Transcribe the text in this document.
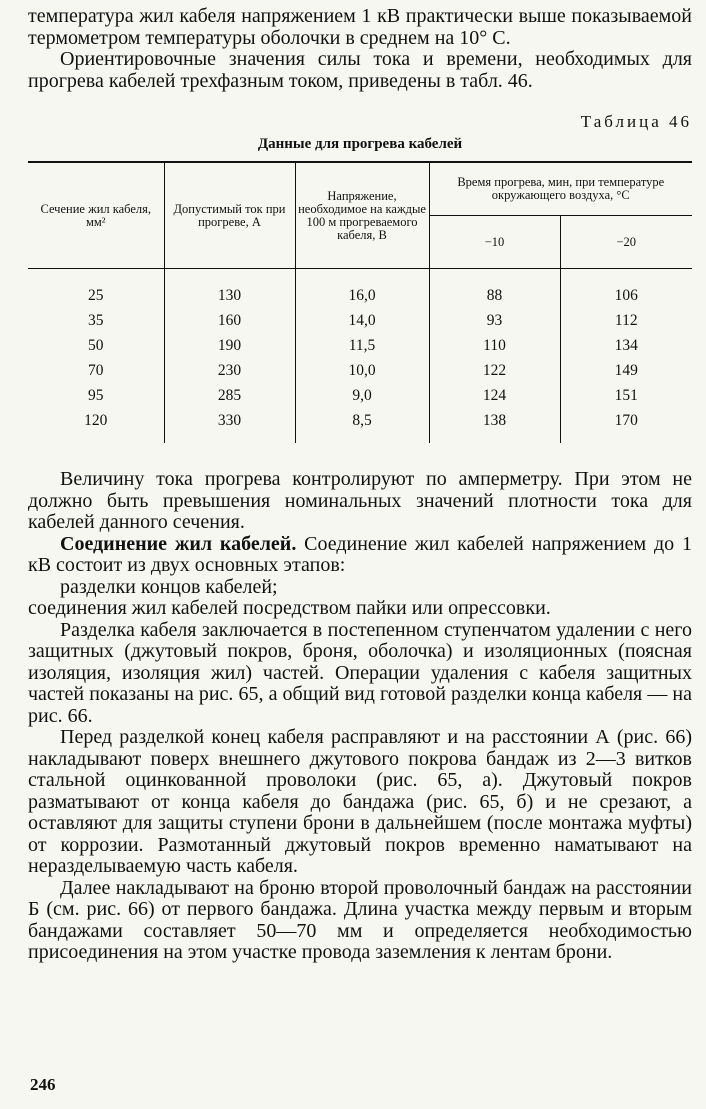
температура жил кабеля напряжением 1 кВ практически выше показываемой термометром температуры оболочки в среднем на 10° С.

Ориентировочные значения силы тока и времени, необходимых для прогрева кабелей трехфазным током, приведены в табл. 46.

Таблица 46
Данные для прогрева кабелей
Сечение жил кабеля, мм²	Допустимый ток при прогреве, А	Напряжение, необходимое на каждые 100 м прогреваемого кабеля, В	Время прогрева, мин, при температуре окружающего воздуха, °С	
			−10	−20
25	130	16,0	88	106
35	160	14,0	93	112
50	190	11,5	110	134
70	230	10,0	122	149
95	285	9,0	124	151
120	330	8,5	138	170

Величину тока прогрева контролируют по амперметру. При этом не должно быть превышения номинальных значений плотности тока для кабелей данного сечения.

Соединение жил кабелей. Соединение жил кабелей напряжением до 1 кВ состоит из двух основных этапов:

разделки концов кабелей;

соединения жил кабелей посредством пайки или опрессовки.

Разделка кабеля заключается в постепенном ступенчатом удалении с него защитных (джутовый покров, броня, оболочка) и изоляционных (поясная изоляция, изоляция жил) частей. Операции удаления с кабеля защитных частей показаны на рис. 65, а общий вид готовой разделки конца кабеля — на рис. 66.

Перед разделкой конец кабеля расправляют и на расстоянии А (рис. 66) накладывают поверх внешнего джутового покрова бандаж из 2—3 витков стальной оцинкованной проволоки (рис. 65, а). Джутовый покров разматывают от конца кабеля до бандажа (рис. 65, б) и не срезают, а оставляют для защиты ступени брони в дальнейшем (после монтажа муфты) от коррозии. Размотанный джутовый покров временно наматывают на неразделываемую часть кабеля.

Далее накладывают на броню второй проволочный бандаж на расстоянии Б (см. рис. 66) от первого бандажа. Длина участка между первым и вторым бандажами составляет 50—70 мм и определяется необходимостью присоединения на этом участке провода заземления к лентам брони.

246
